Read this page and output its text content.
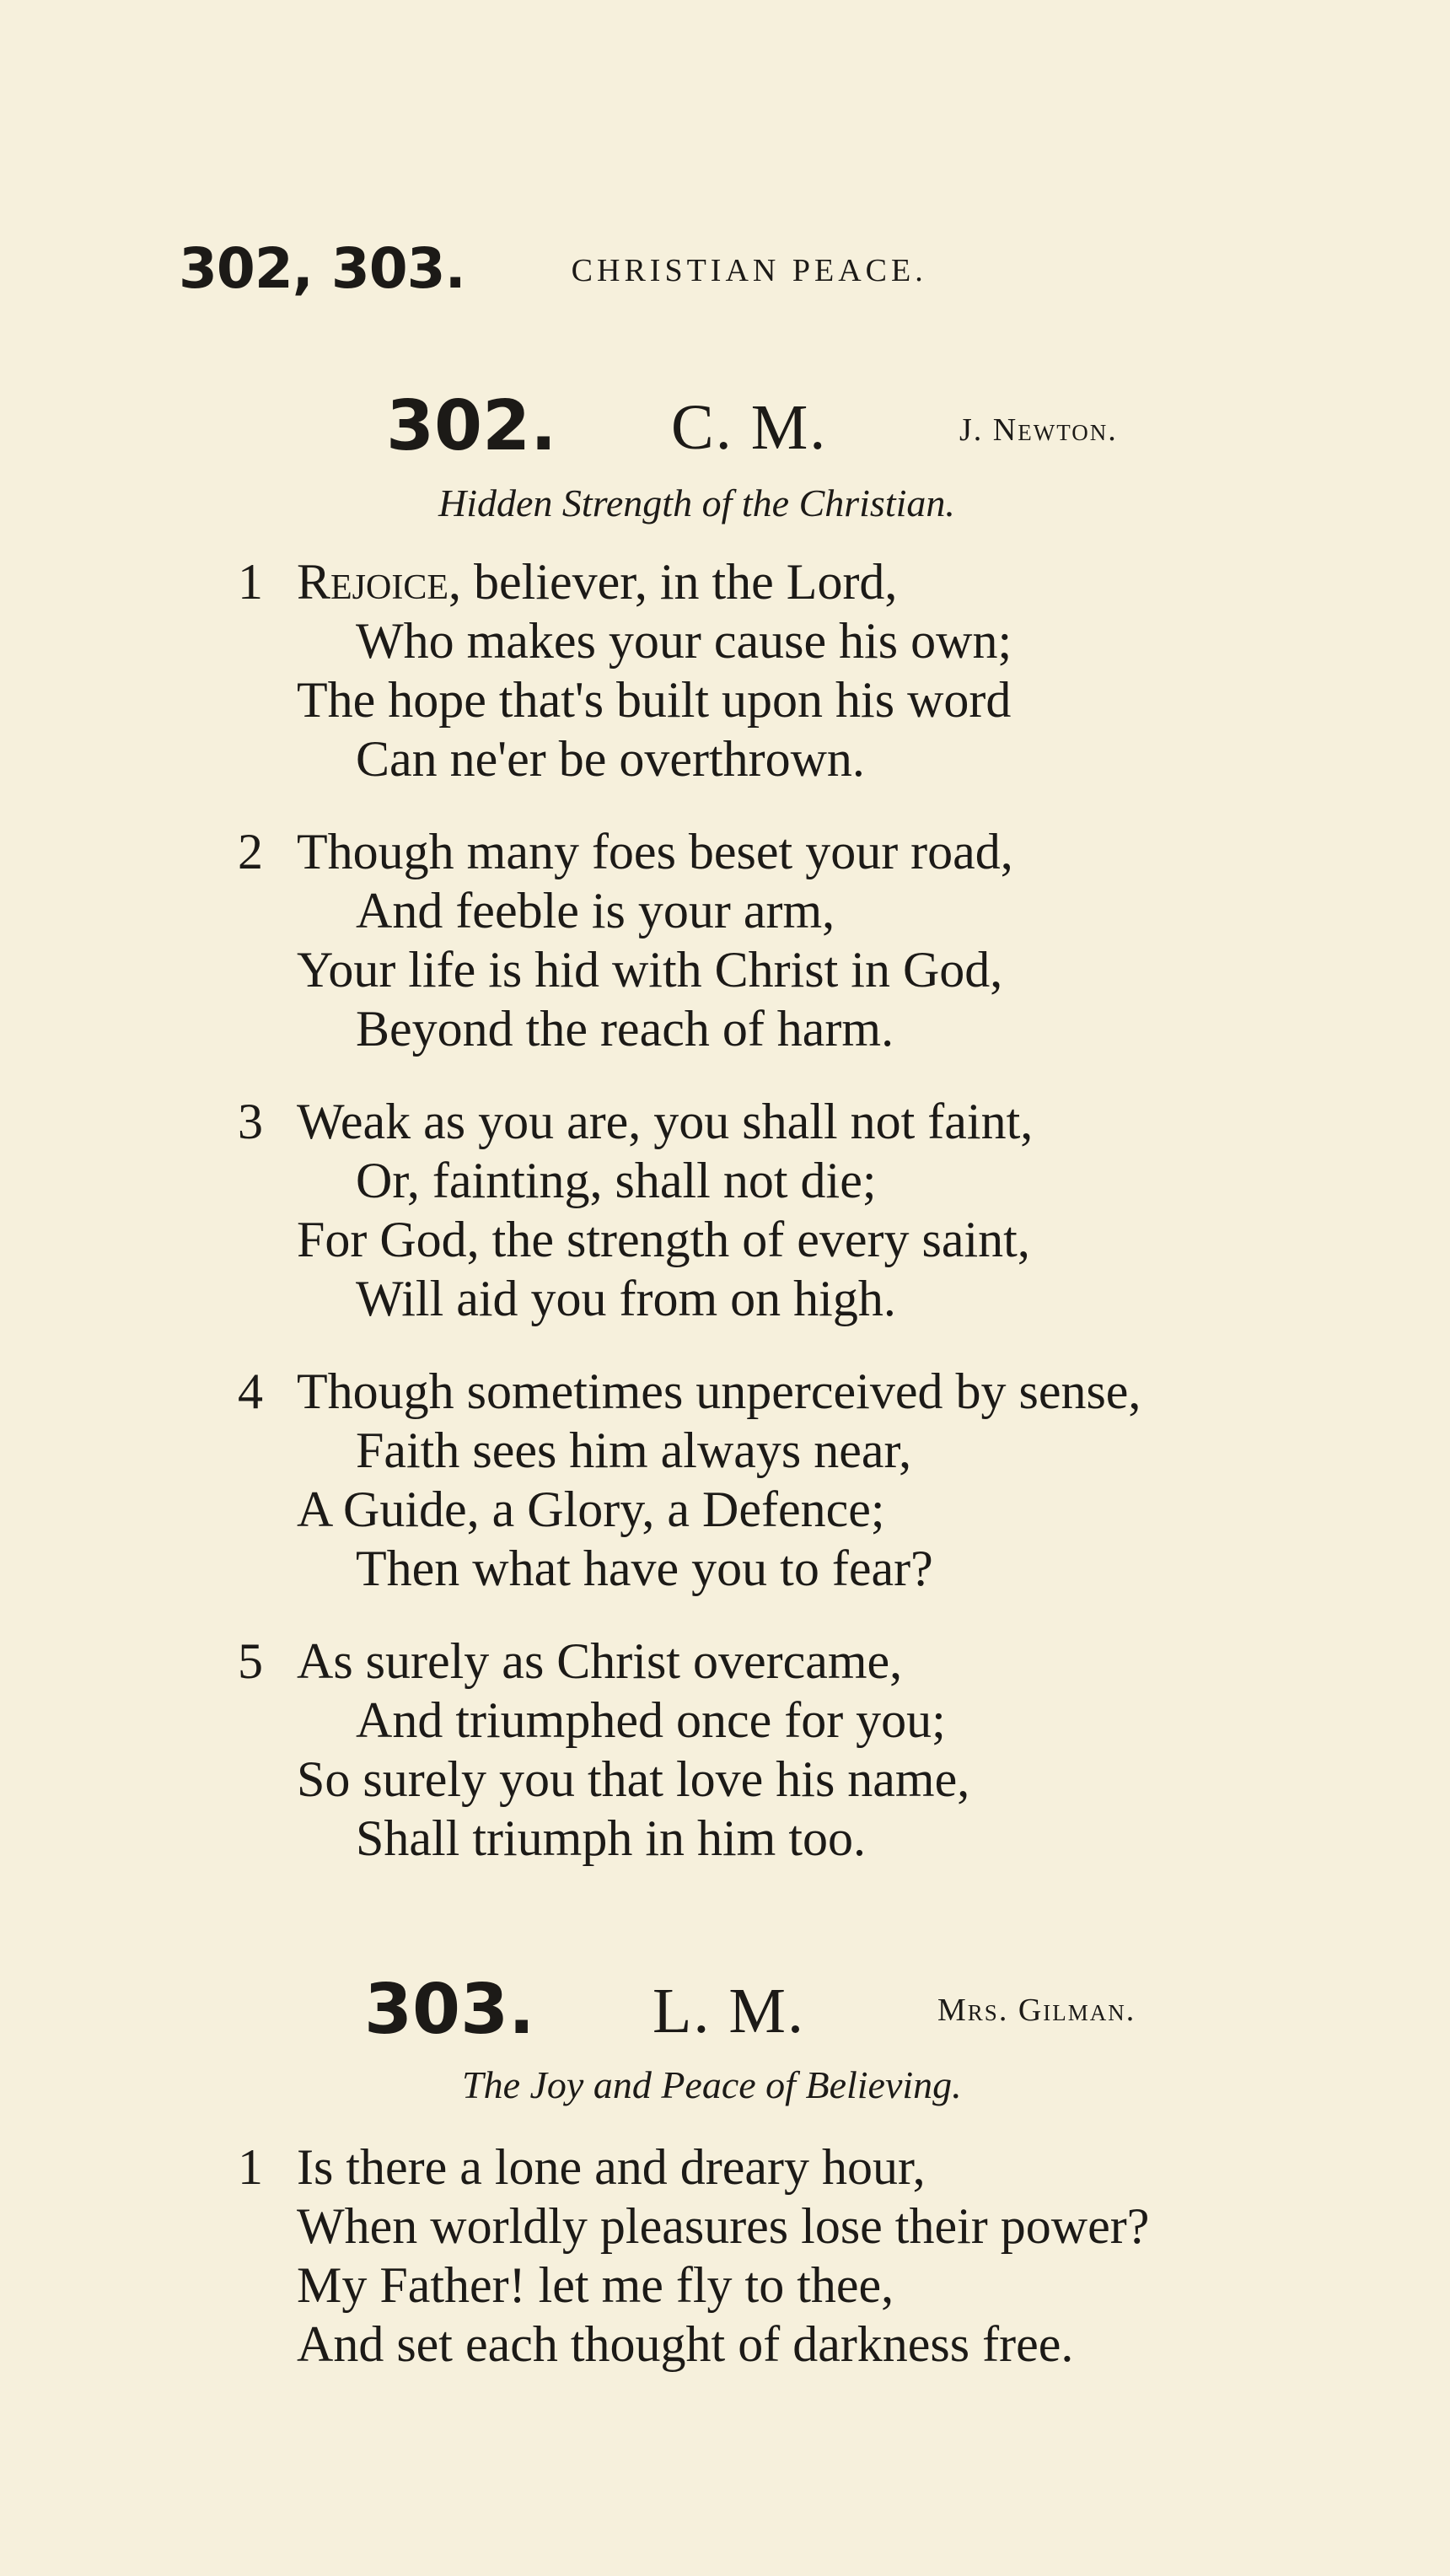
302, 303.	CHRISTIAN PEACE.
302. C. M.	J. Newton.
Hidden Strength of the Christian.
1 Rejoice, believer, in the Lord,
Who makes your cause his own;
The hope that's built upon his word
Can ne'er be overthrown.
2 Though many foes beset your road,
And feeble is your arm,
Your life is hid with Christ in God,
Beyond the reach of harm.
3 Weak as you are, you shall not faint,
Or, fainting, shall not die;
For God, the strength of every saint,
Will aid you from on high.
4 Though sometimes unperceived by sense,
Faith sees him always near,
A Guide, a Glory, a Defence;
Then what have you to fear?
5 As surely as Christ overcame,
And triumphed once for you;
So surely you that love his name,
Shall triumph in him too.
303. L. M.	Mrs. Gilman.
The Joy and Peace of Believing.
1 Is there a lone and dreary hour,
When worldly pleasures lose their power?
My Father! let me fly to thee,
And set each thought of darkness free.
